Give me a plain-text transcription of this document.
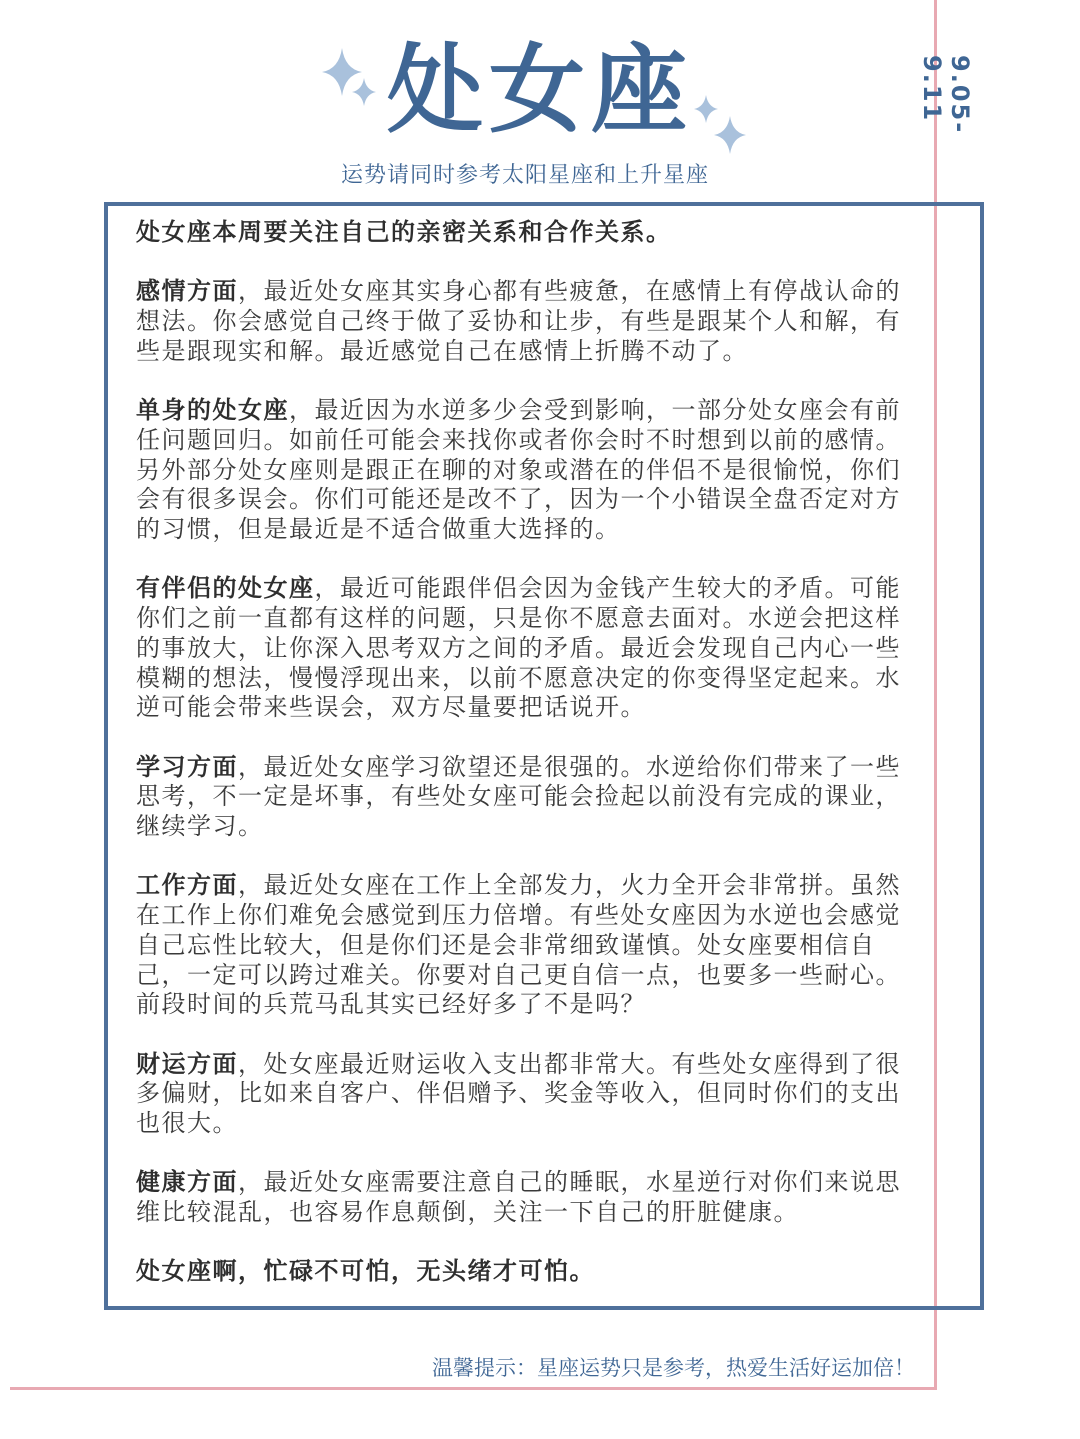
处女座
运势请同时参考太阳星座和上升星座
9.05-9.11

处女座本周要关注自己的亲密关系和合作关系。

感情方面，最近处女座其实身心都有些疲惫，在感情上有停战认命的想法。你会感觉自己终于做了妥协和让步，有些是跟某个人和解，有些是跟现实和解。最近感觉自己在感情上折腾不动了。

单身的处女座，最近因为水逆多少会受到影响，一部分处女座会有前任问题回归。如前任可能会来找你或者你会时不时想到以前的感情。另外部分处女座则是跟正在聊的对象或潜在的伴侣不是很愉悦，你们会有很多误会。你们可能还是改不了，因为一个小错误全盘否定对方的习惯，但是最近是不适合做重大选择的。

有伴侣的处女座，最近可能跟伴侣会因为金钱产生较大的矛盾。可能你们之前一直都有这样的问题，只是你不愿意去面对。水逆会把这样的事放大，让你深入思考双方之间的矛盾。最近会发现自己内心一些模糊的想法，慢慢浮现出来，以前不愿意决定的你变得坚定起来。水逆可能会带来些误会，双方尽量要把话说开。

学习方面，最近处女座学习欲望还是很强的。水逆给你们带来了一些思考，不一定是坏事，有些处女座可能会捡起以前没有完成的课业，继续学习。

工作方面，最近处女座在工作上全部发力，火力全开会非常拼。虽然在工作上你们难免会感觉到压力倍增。有些处女座因为水逆也会感觉自己忘性比较大，但是你们还是会非常细致谨慎。处女座要相信自己，一定可以跨过难关。你要对自己更自信一点，也要多一些耐心。前段时间的兵荒马乱其实已经好多了不是吗？

财运方面，处女座最近财运收入支出都非常大。有些处女座得到了很多偏财，比如来自客户、伴侣赠予、奖金等收入，但同时你们的支出也很大。

健康方面，最近处女座需要注意自己的睡眠，水星逆行对你们来说思维比较混乱，也容易作息颠倒，关注一下自己的肝脏健康。

处女座啊，忙碌不可怕，无头绪才可怕。

温馨提示：星座运势只是参考，热爱生活好运加倍！
